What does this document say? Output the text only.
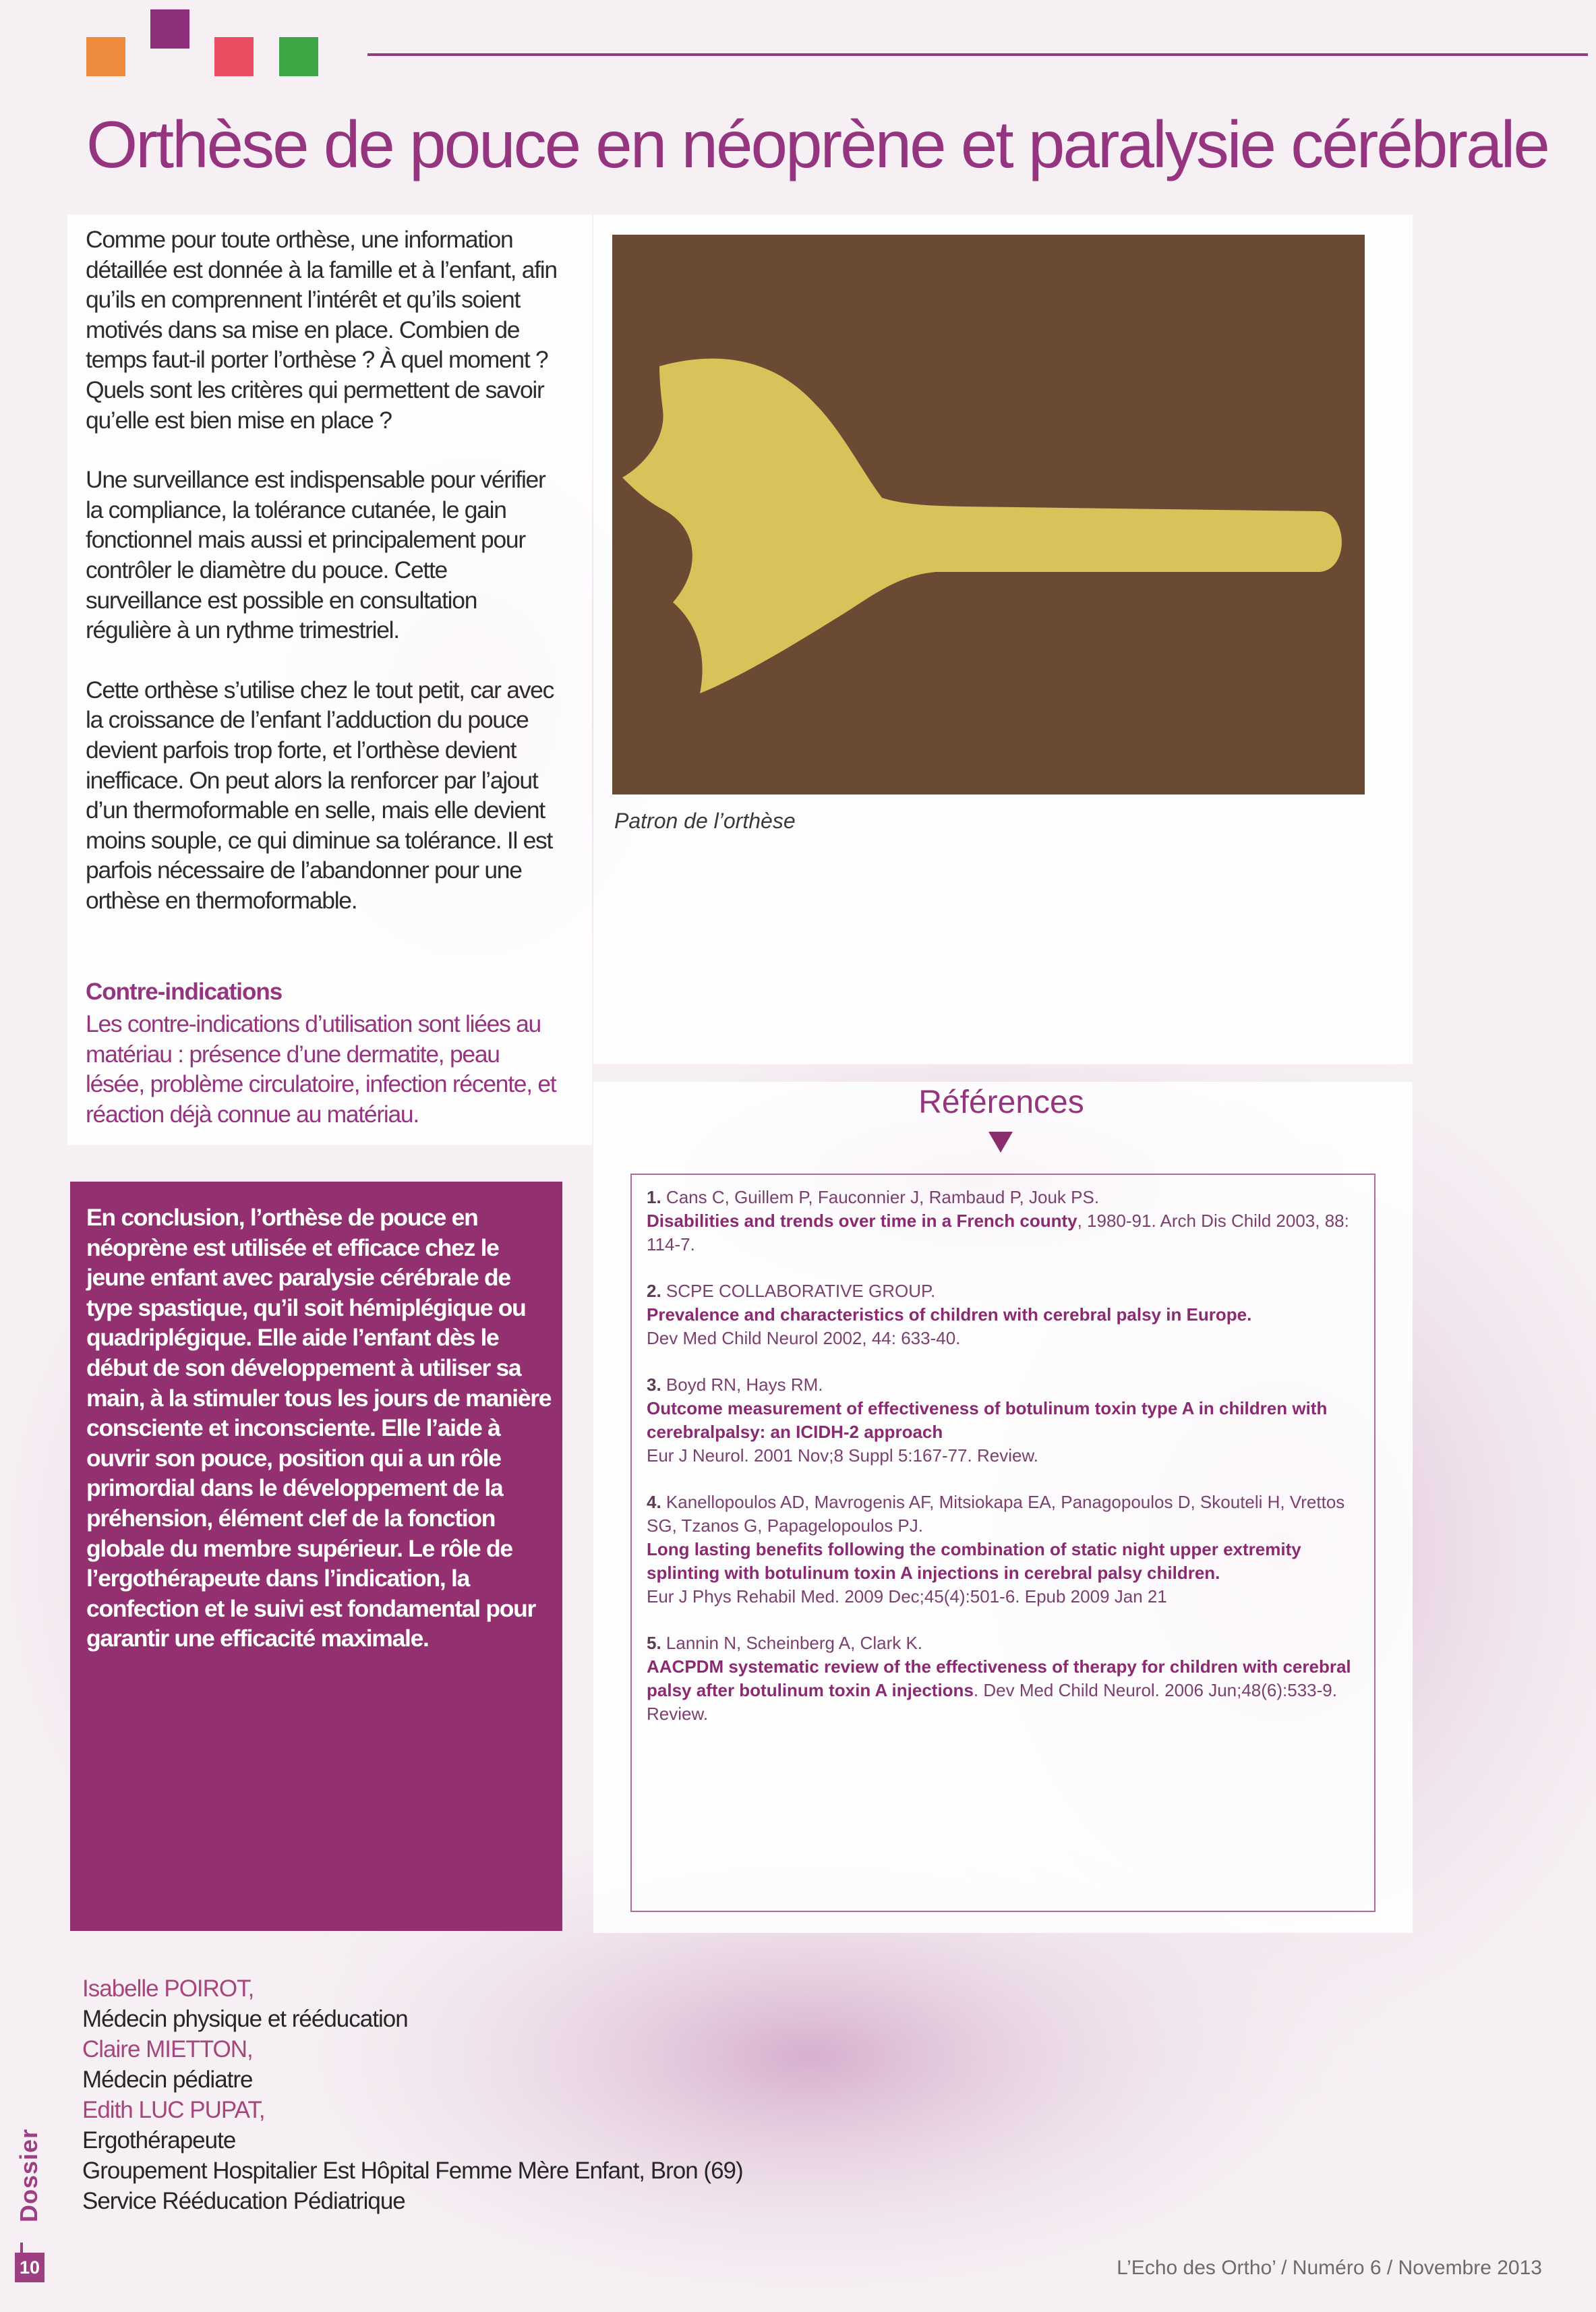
Orthèse de pouce en néoprène et paralysie cérébrale

Comme pour toute orthèse, une information détaillée est donnée à la famille et à l’enfant, afin qu’ils en comprennent l’intérêt et qu’ils soient motivés dans sa mise en place. Combien de temps faut-il porter l’orthèse ? À quel moment ? Quels sont les critères qui permettent de savoir qu’elle est bien mise en place ?

Une surveillance est indispensable pour vérifier la compliance, la tolérance cutanée, le gain fonctionnel mais aussi et principalement pour contrôler le diamètre du pouce. Cette surveillance est possible en consultation régulière à un rythme trimestriel.

Cette orthèse s’utilise chez le tout petit, car avec la croissance de l’enfant l’adduction du pouce devient parfois trop forte, et l’orthèse devient inefficace. On peut alors la renforcer par l’ajout d’un thermoformable en selle, mais elle devient moins souple, ce qui diminue sa tolérance. Il est parfois nécessaire de l’abandonner pour une orthèse en thermoformable.

Contre-indications

Les contre-indications d’utilisation sont liées au matériau : présence d’une dermatite, peau lésée, problème circulatoire, infection récente, et réaction déjà connue au matériau.

En conclusion, l’orthèse de pouce en néoprène est utilisée et efficace chez le jeune enfant avec paralysie cérébrale de type spastique, qu’il soit hémiplégique ou quadriplégique. Elle aide l’enfant dès le début de son développement à utiliser sa main, à la stimuler tous les jours de manière consciente et inconsciente. Elle l’aide à ouvrir son pouce, position qui a un rôle primordial dans le développement de la préhension, élément clef de la fonction globale du membre supérieur. Le rôle de l’ergothérapeute dans l’indication, la confection et le suivi est fondamental pour garantir une efficacité maximale.

Patron de l’orthèse

Références

1. Cans C, Guillem P, Fauconnier J, Rambaud P, Jouk PS.
Disabilities and trends over time in a French county, 1980-91. Arch Dis Child 2003, 88: 114-7.

2. SCPE COLLABORATIVE GROUP.
Prevalence and characteristics of children with cerebral palsy in Europe.
Dev Med Child Neurol 2002, 44: 633-40.

3. Boyd RN, Hays RM.
Outcome measurement of effectiveness of botulinum toxin type A in children with cerebralpalsy: an ICIDH-2 approach
Eur J Neurol. 2001 Nov;8 Suppl 5:167-77. Review.

4. Kanellopoulos AD, Mavrogenis AF, Mitsiokapa EA, Panagopoulos D, Skouteli H, Vrettos SG, Tzanos G, Papagelopoulos PJ.
Long lasting benefits following the combination of static night upper extremity splinting with botulinum toxin A injections in cerebral palsy children.
Eur J Phys Rehabil Med. 2009 Dec;45(4):501-6. Epub 2009 Jan 21

5. Lannin N, Scheinberg A, Clark K.
AACPDM systematic review of the effectiveness of therapy for children with cerebral palsy after botulinum toxin A injections. Dev Med Child Neurol. 2006 Jun;48(6):533-9. Review.

Isabelle POIROT,
Médecin physique et rééducation
Claire MIETTON,
Médecin pédiatre
Edith LUC PUPAT,
Ergothérapeute
Groupement Hospitalier Est Hôpital Femme Mère Enfant, Bron (69)
Service Rééducation Pédiatrique

Dossier

10	L’Echo des Ortho’ / Numéro 6 / Novembre 2013
